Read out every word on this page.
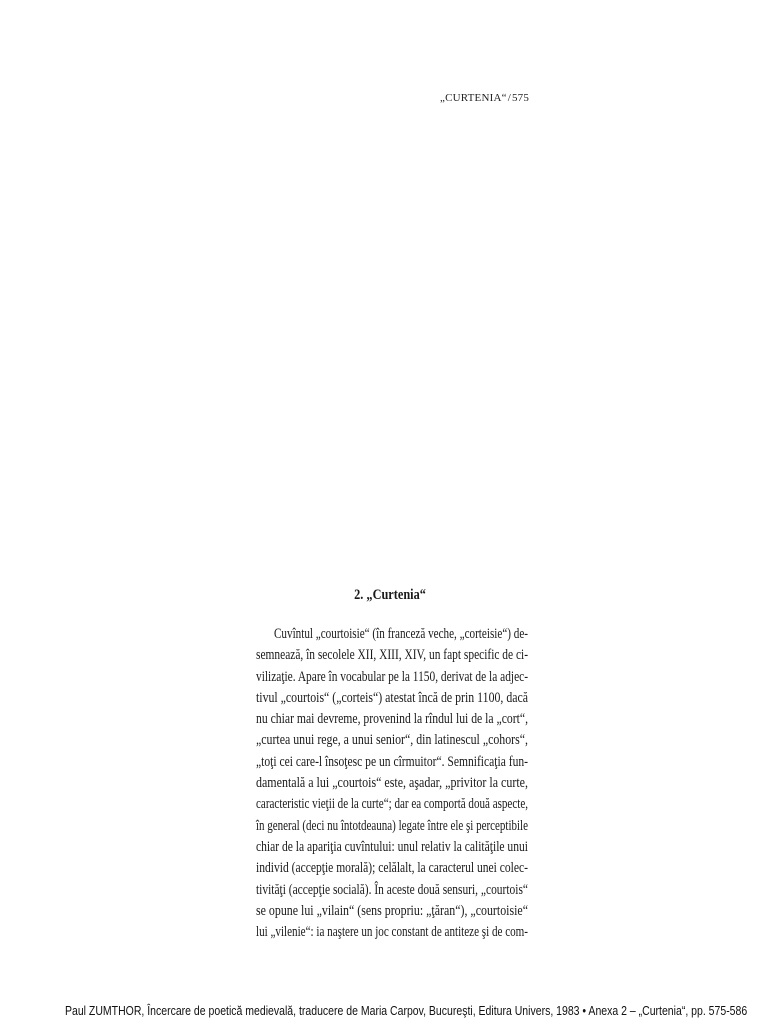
„CURTENIA“/575
2. „Curtenia“
Cuvîntul „courtoisie“ (în franceză veche, „corteisie“) de-
semnează, în secolele XII, XIII, XIV, un fapt specific de ci-
vilizaţie. Apare în vocabular pe la 1150, derivat de la adjec-
tivul „courtois“ („corteis“) atestat încă de prin 1100, dacă
nu chiar mai devreme, provenind la rîndul lui de la „cort“,
„curtea unui rege, a unui senior“, din latinescul „cohors“,
„toţi cei care-l însoţesc pe un cîrmuitor“. Semnificaţia fun-
damentală a lui „courtois“ este, aşadar, „privitor la curte,
caracteristic vieţii de la curte“; dar ea comportă două aspecte,
în general (deci nu întotdeauna) legate între ele şi perceptibile
chiar de la apariţia cuvîntului: unul relativ la calităţile unui
individ (accepţie morală); celălalt, la caracterul unei colec-
tivităţi (accepţie socială). În aceste două sensuri, „courtois“
se opune lui „vilain“ (sens propriu: „ţăran“), „courtoisie“
lui „vilenie“: ia naştere un joc constant de antiteze şi de com-
Paul ZUMTHOR, Încercare de poetică medievală, traducere de Maria Carpov, Bucureşti, Editura Univers, 1983 • Anexa 2 – „Curtenia“, pp. 575-586
